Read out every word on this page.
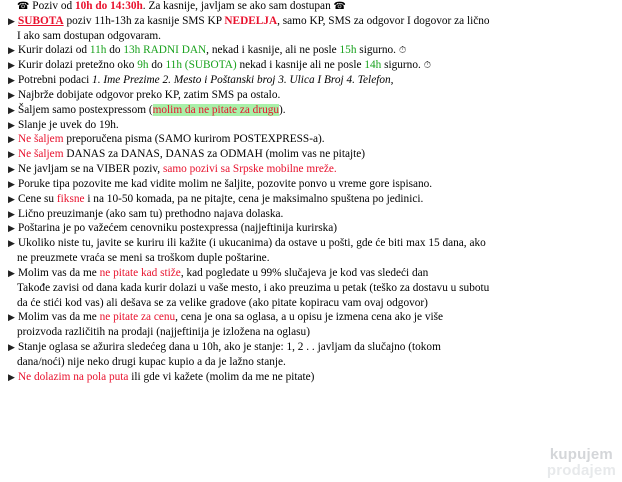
☎ Poziv od 10h do 14:30h. Za kasnije, javljam se ako sam dostupan ☎
▶ SUBOTA poziv 11h-13h za kasnije SMS KP NEDELJA, samo KP, SMS za odgovor I dogovor za lično
I ako sam dostupan odgovaram.
▶ Kurir dolazi od 11h do 13h RADNI DAN, nekad i kasnije, ali ne posle 15h sigurno. ⏱
▶ Kurir dolazi pretežno oko 9h do 11h (SUBOTA) nekad i kasnije ali ne posle 14h sigurno. ⏱
▶ Potrebni podaci 1. Ime Prezime 2. Mesto i Poštanski broj 3. Ulica I Broj 4. Telefon,
▶ Najbrže dobijate odgovor preko KP, zatim SMS pa ostalo.
▶ Šaljem samo postexpressom (molim da ne pitate za drugu).
▶ Slanje je uvek do 19h.
▶ Ne šaljem preporučena pisma (SAMO kurirom POSTEXPRESS-a).
▶ Ne šaljem DANAS za DANAS, DANAS za ODMAH (molim vas ne pitajte)
▶ Ne javljam se na VIBER poziv, samo pozivi sa Srpske mobilne mreže.
▶ Poruke tipa pozovite me kad vidite molim ne šaljite, pozovite ponvo u vreme gore ispisano.
▶ Cene su fiksne i na 10-50 komada, pa ne pitajte, cena je maksimalno spuštena po jedinici.
▶ Lično preuzimanje (ako sam tu) prethodno najava dolaska.
▶ Poštarina je po važećem cenovniku postexpressa (najjeftinija kurirska)
▶ Ukoliko niste tu, javite se kuriru ili kažite (i ukucanima) da ostave u pošti, gde će biti max 15 dana, ako
ne preuzmete vraća se meni sa troškom duple poštarine.
▶ Molim vas da me ne pitate kad stiže, kad pogledate u 99% slučajeva je kod vas sledeći dan
Takođe zavisi od dana kada kurir dolazi u vaše mesto, i ako preuzima u petak (teško za dostavu u subotu
da će stići kod vas) ali dešava se za velike gradove (ako pitate kopiracu vam ovaj odgovor)
▶ Molim vas da me ne pitate za cenu, cena je ona sa oglasa, a u opisu je izmena cena ako je više
proizvoda različitih na prodaji (najjeftinija je izložena na oglasu)
▶ Stanje oglasa se ažurira sledećeg dana u 10h, ako je stanje: 1, 2 . . javljam da slučajno (tokom
dana/noći) nije neko drugi kupac kupio a da je lažno stanje.
▶ Ne dolazim na pola puta ili gde vi kažete (molim da me ne pitate)
kupujem
prodajem
